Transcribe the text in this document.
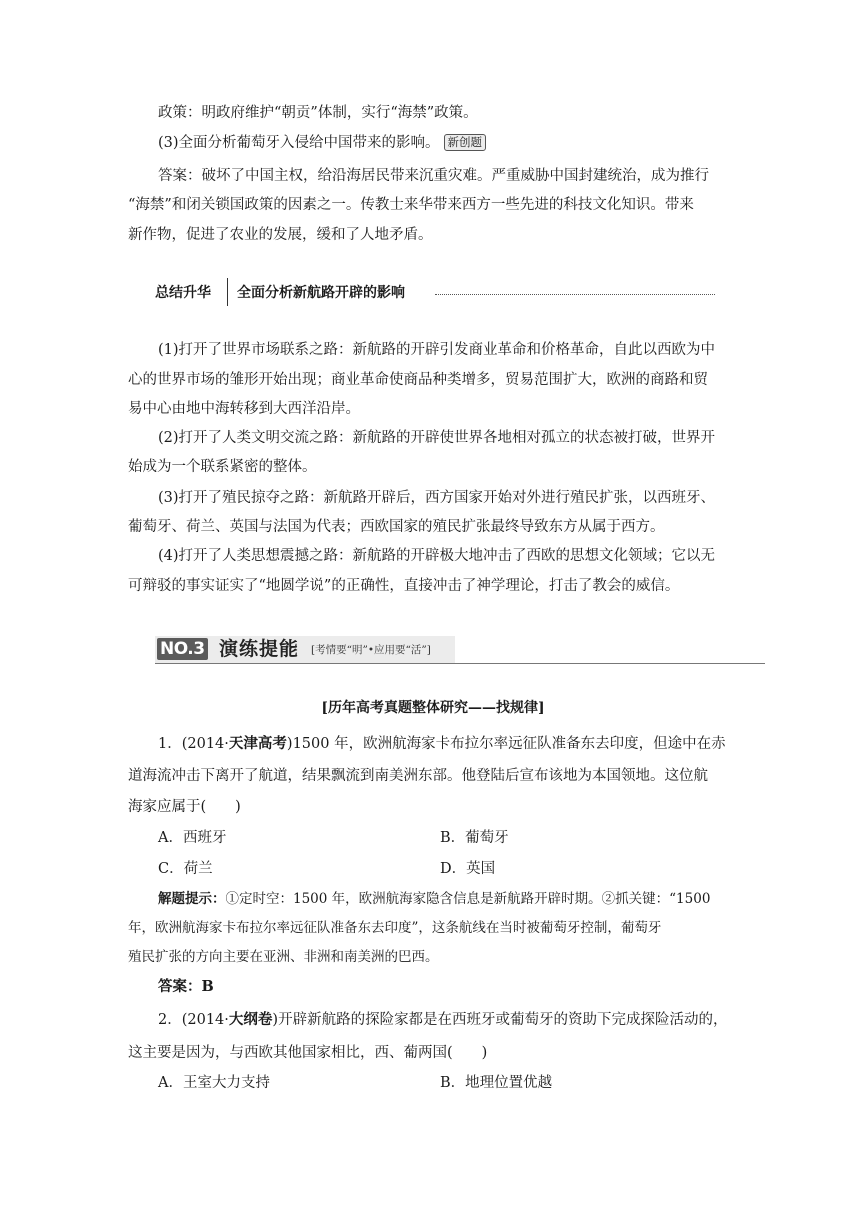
政策：明政府维护“朝贡”体制，实行“海禁”政策。
(3)全面分析葡萄牙入侵给中国带来的影响。 新创题
答案：破坏了中国主权，给沿海居民带来沉重灾难。严重威胁中国封建统治，成为推行
“海禁”和闭关锁国政策的因素之一。传教士来华带来西方一些先进的科技文化知识。带来
新作物，促进了农业的发展，缓和了人地矛盾。
总结升华 全面分析新航路开辟的影响
(1)打开了世界市场联系之路：新航路的开辟引发商业革命和价格革命，自此以西欧为中
心的世界市场的雏形开始出现；商业革命使商品种类增多，贸易范围扩大，欧洲的商路和贸
易中心由地中海转移到大西洋沿岸。
(2)打开了人类文明交流之路：新航路的开辟使世界各地相对孤立的状态被打破，世界开
始成为一个联系紧密的整体。
(3)打开了殖民掠夺之路：新航路开辟后，西方国家开始对外进行殖民扩张，以西班牙、
葡萄牙、荷兰、英国与法国为代表；西欧国家的殖民扩张最终导致东方从属于西方。
(4)打开了人类思想震撼之路：新航路的开辟极大地冲击了西欧的思想文化领域；它以无
可辩驳的事实证实了“地圆学说”的正确性，直接冲击了神学理论，打击了教会的威信。
NO.3 演练提能 [考情要“明”•应用要“活”]
[历年高考真题整体研究——找规律]
1．(2014·天津高考)1500 年，欧洲航海家卡布拉尔率远征队准备东去印度，但途中在赤
道海流冲击下离开了航道，结果飘流到南美洲东部。他登陆后宣布该地为本国领地。这位航
海家应属于(　　)
A．西班牙	B．葡萄牙
C．荷兰	D．英国
解题提示：①定时空：1500 年，欧洲航海家隐含信息是新航路开辟时期。②抓关键：“1500
年，欧洲航海家卡布拉尔率远征队准备东去印度”，这条航线在当时被葡萄牙控制，葡萄牙
殖民扩张的方向主要在亚洲、非洲和南美洲的巴西。
答案：B
2．(2014·大纲卷)开辟新航路的探险家都是在西班牙或葡萄牙的资助下完成探险活动的，
这主要是因为，与西欧其他国家相比，西、葡两国(　　)
A．王室大力支持	B．地理位置优越
